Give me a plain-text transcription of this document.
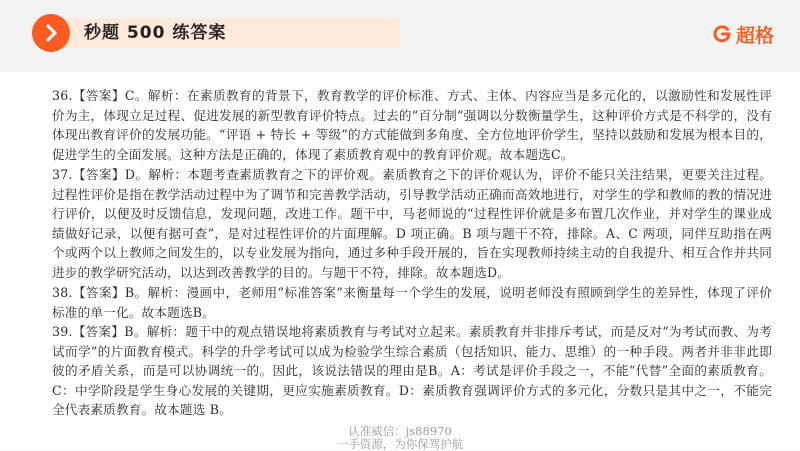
秒题 500 练答案	超格

36.【答案】C。解析：在素质教育的背景下，教育教学的评价标准、方式、主体、内容应当是多元化的，以激励性和发展性评价为主，体现立足过程、促进发展的新型教育评价特点。过去的“百分制”强调以分数衡量学生，这种评价方式是不科学的，没有体现出教育评价的发展功能。“评语 + 特长 + 等级”的方式能做到多角度、全方位地评价学生，坚持以鼓励和发展为根本目的，促进学生的全面发展。这种方法是正确的，体现了素质教育观中的教育评价观。故本题选C。

37.【答案】D。解析：本题考查素质教育之下的评价观。素质教育之下的评价观认为，评价不能只关注结果，更要关注过程。过程性评价是指在教学活动过程中为了调节和完善教学活动，引导教学活动正确而高效地进行，对学生的学和教师的教的情况进行评价，以便及时反馈信息，发现问题，改进工作。题干中，马老师说的“过程性评价就是多布置几次作业，并对学生的课业成绩做好记录，以便有据可查”，是对过程性评价的片面理解。D 项正确。B 项与题干不符，排除。A、C 两项，同伴互助指在两个或两个以上教师之间发生的，以专业发展为指向，通过多种手段开展的，旨在实现教师持续主动的自我提升、相互合作并共同进步的教学研究活动，以达到改善教学的目的。与题干不符，排除。故本题选D。

38.【答案】B。解析：漫画中，老师用“标准答案”来衡量每一个学生的发展，说明老师没有照顾到学生的差异性，体现了评价标准的单一化。故本题选B。

39.【答案】B。解析：题干中的观点错误地将素质教育与考试对立起来。素质教育并非排斥考试，而是反对“为考试而教、为考试而学”的片面教育模式。科学的升学考试可以成为检验学生综合素质（包括知识、能力、思维）的一种手段。两者并非非此即彼的矛盾关系，而是可以协调统一的。因此，该说法错误的理由是B。A：考试是评价手段之一，不能“代替”全面的素质教育。C：中学阶段是学生身心发展的关键期，更应实施素质教育。D：素质教育强调评价方式的多元化，分数只是其中之一，不能完全代表素质教育。故本题选 B。

认准威信：js88970
一手资源，为你保驾护航
